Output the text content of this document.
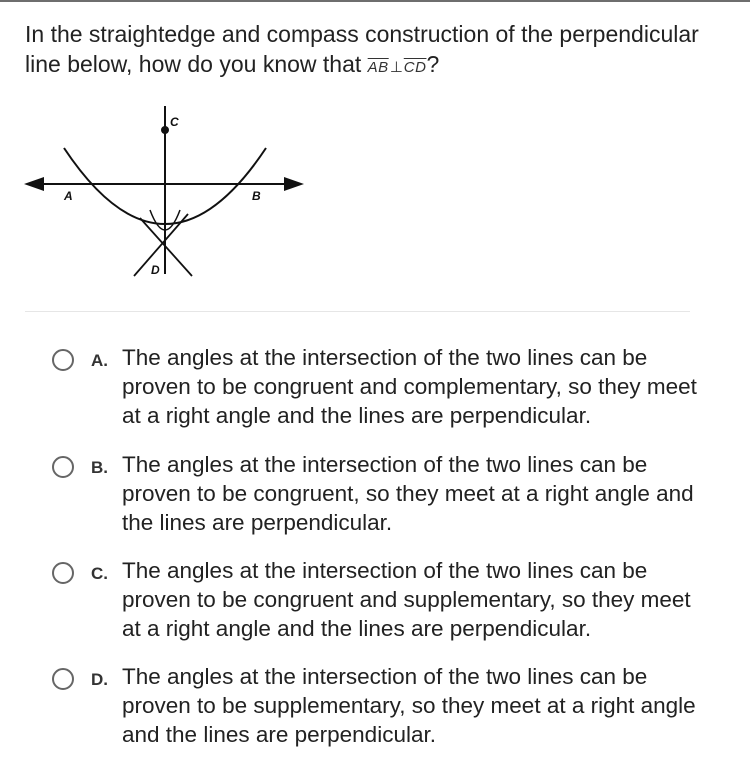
In the straightedge and compass construction of the perpendicular line below, how do you know that $\overline{AB}\perp\overline{CD}$?
A	B
C
D
A. The angles at the intersection of the two lines can be proven to be congruent and complementary, so they meet at a right angle and the lines are perpendicular.
B. The angles at the intersection of the two lines can be proven to be congruent, so they meet at a right angle and the lines are perpendicular.
C. The angles at the intersection of the two lines can be proven to be congruent and supplementary, so they meet at a right angle and the lines are perpendicular.
D. The angles at the intersection of the two lines can be proven to be supplementary, so they meet at a right angle and the lines are perpendicular.
